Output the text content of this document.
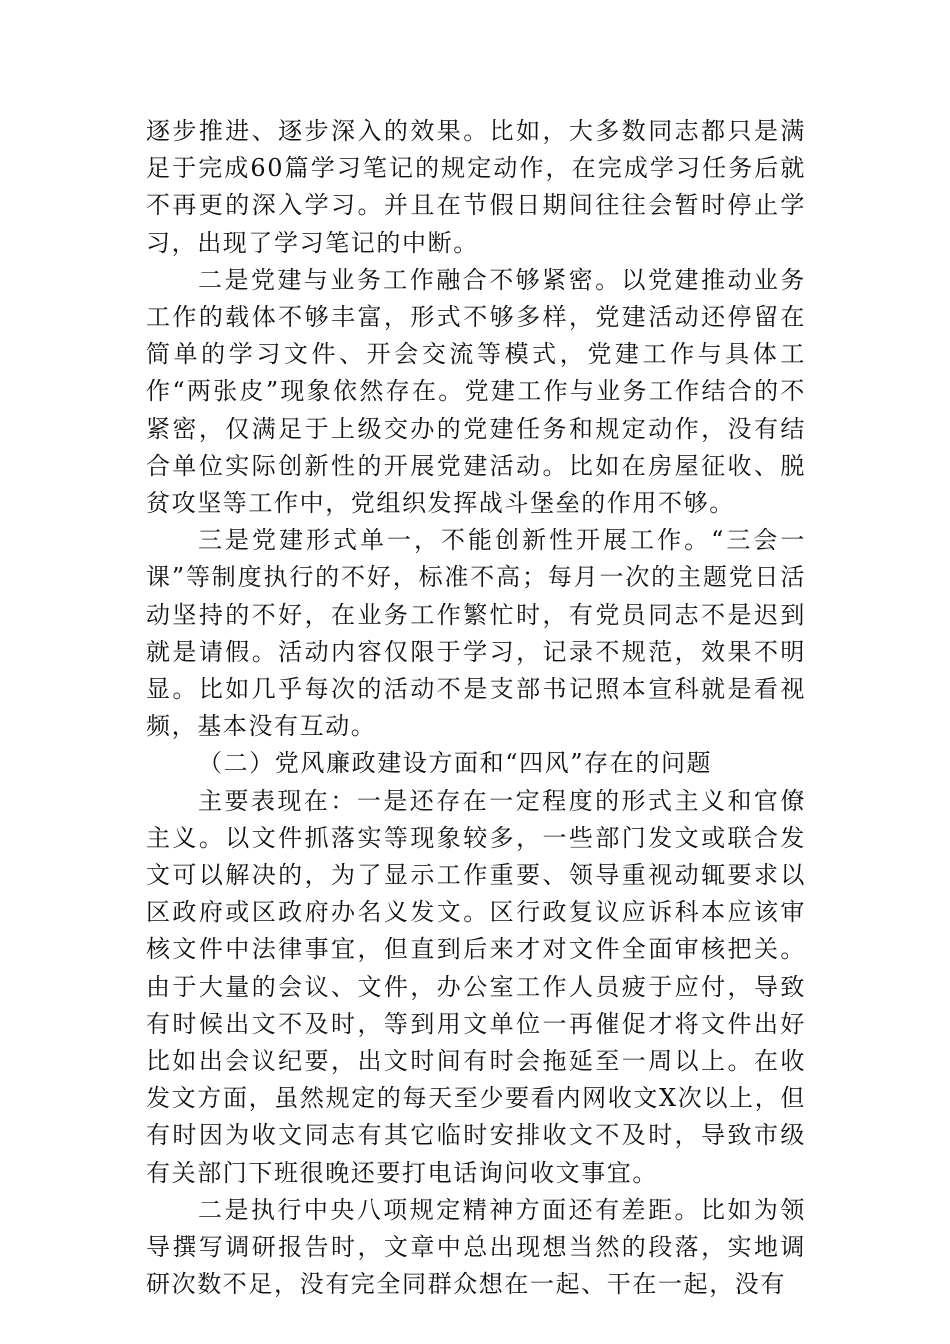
逐步推进、逐步深入的效果。比如，大多数同志都只是满足于完成60篇学习笔记的规定动作，在完成学习任务后就不再更的深入学习。并且在节假日期间往往会暂时停止学习，出现了学习笔记的中断。

二是党建与业务工作融合不够紧密。以党建推动业务工作的载体不够丰富，形式不够多样，党建活动还停留在简单的学习文件、开会交流等模式，党建工作与具体工作“两张皮”现象依然存在。党建工作与业务工作结合的不紧密，仅满足于上级交办的党建任务和规定动作，没有结合单位实际创新性的开展党建活动。比如在房屋征收、脱贫攻坚等工作中，党组织发挥战斗堡垒的作用不够。

三是党建形式单一，不能创新性开展工作。“三会一课”等制度执行的不好，标准不高；每月一次的主题党日活动坚持的不好，在业务工作繁忙时，有党员同志不是迟到就是请假。活动内容仅限于学习，记录不规范，效果不明显。比如几乎每次的活动不是支部书记照本宣科就是看视频，基本没有互动。

（二）党风廉政建设方面和“四风”存在的问题

主要表现在：一是还存在一定程度的形式主义和官僚主义。以文件抓落实等现象较多，一些部门发文或联合发文可以解决的，为了显示工作重要、领导重视动辄要求以区政府或区政府办名义发文。区行政复议应诉科本应该审核文件中法律事宜，但直到后来才对文件全面审核把关。由于大量的会议、文件，办公室工作人员疲于应付，导致有时候出文不及时，等到用文单位一再催促才将文件出好比如出会议纪要，出文时间有时会拖延至一周以上。在收发文方面，虽然规定的每天至少要看内网收文X次以上，但有时因为收文同志有其它临时安排收文不及时，导致市级有关部门下班很晚还要打电话询问收文事宜。

二是执行中央八项规定精神方面还有差距。比如为领导撰写调研报告时，文章中总出现想当然的段落，实地调研次数不足，没有完全同群众想在一起、干在一起，没有
